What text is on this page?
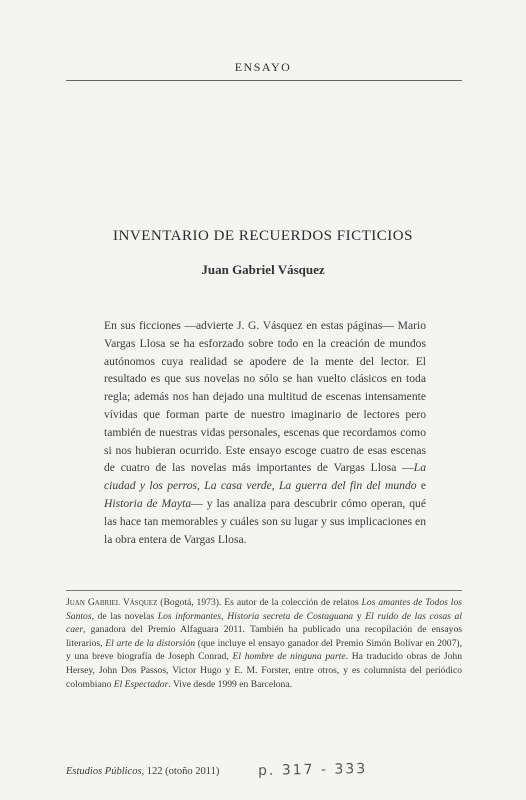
ENSAYO
INVENTARIO DE RECUERDOS FICTICIOS
Juan Gabriel Vásquez
En sus ficciones —advierte J. G. Vásquez en estas páginas— Mario Vargas Llosa se ha esforzado sobre todo en la creación de mundos autónomos cuya realidad se apodere de la mente del lector. El resultado es que sus novelas no sólo se han vuelto clásicos en toda regla; además nos han dejado una multitud de escenas intensamente vívidas que forman parte de nuestro imaginario de lectores pero también de nuestras vidas personales, escenas que recordamos como si nos hubieran ocurrido. Este ensayo escoge cuatro de esas escenas de cuatro de las novelas más importantes de Vargas Llosa —La ciudad y los perros, La casa verde, La guerra del fin del mundo e Historia de Mayta— y las analiza para descubrir cómo operan, qué las hace tan memorables y cuáles son su lugar y sus implicaciones en la obra entera de Vargas Llosa.
Juan Gabriel Vásquez (Bogotá, 1973). Es autor de la colección de relatos Los amantes de Todos los Santos, de las novelas Los informantes, Historia secreta de Costaguana y El ruido de las cosas al caer, ganadora del Premio Alfaguara 2011. También ha publicado una recopilación de ensayos literarios, El arte de la distorsión (que incluye el ensayo ganador del Premio Simón Bolívar en 2007), y una breve biografía de Joseph Conrad, El hombre de ninguna parte. Ha traducido obras de John Hersey, John Dos Passos, Victor Hugo y E. M. Forster, entre otros, y es columnista del periódico colombiano El Espectador. Vive desde 1999 en Barcelona.
Estudios Públicos, 122 (otoño 2011)	p. 317 - 333
